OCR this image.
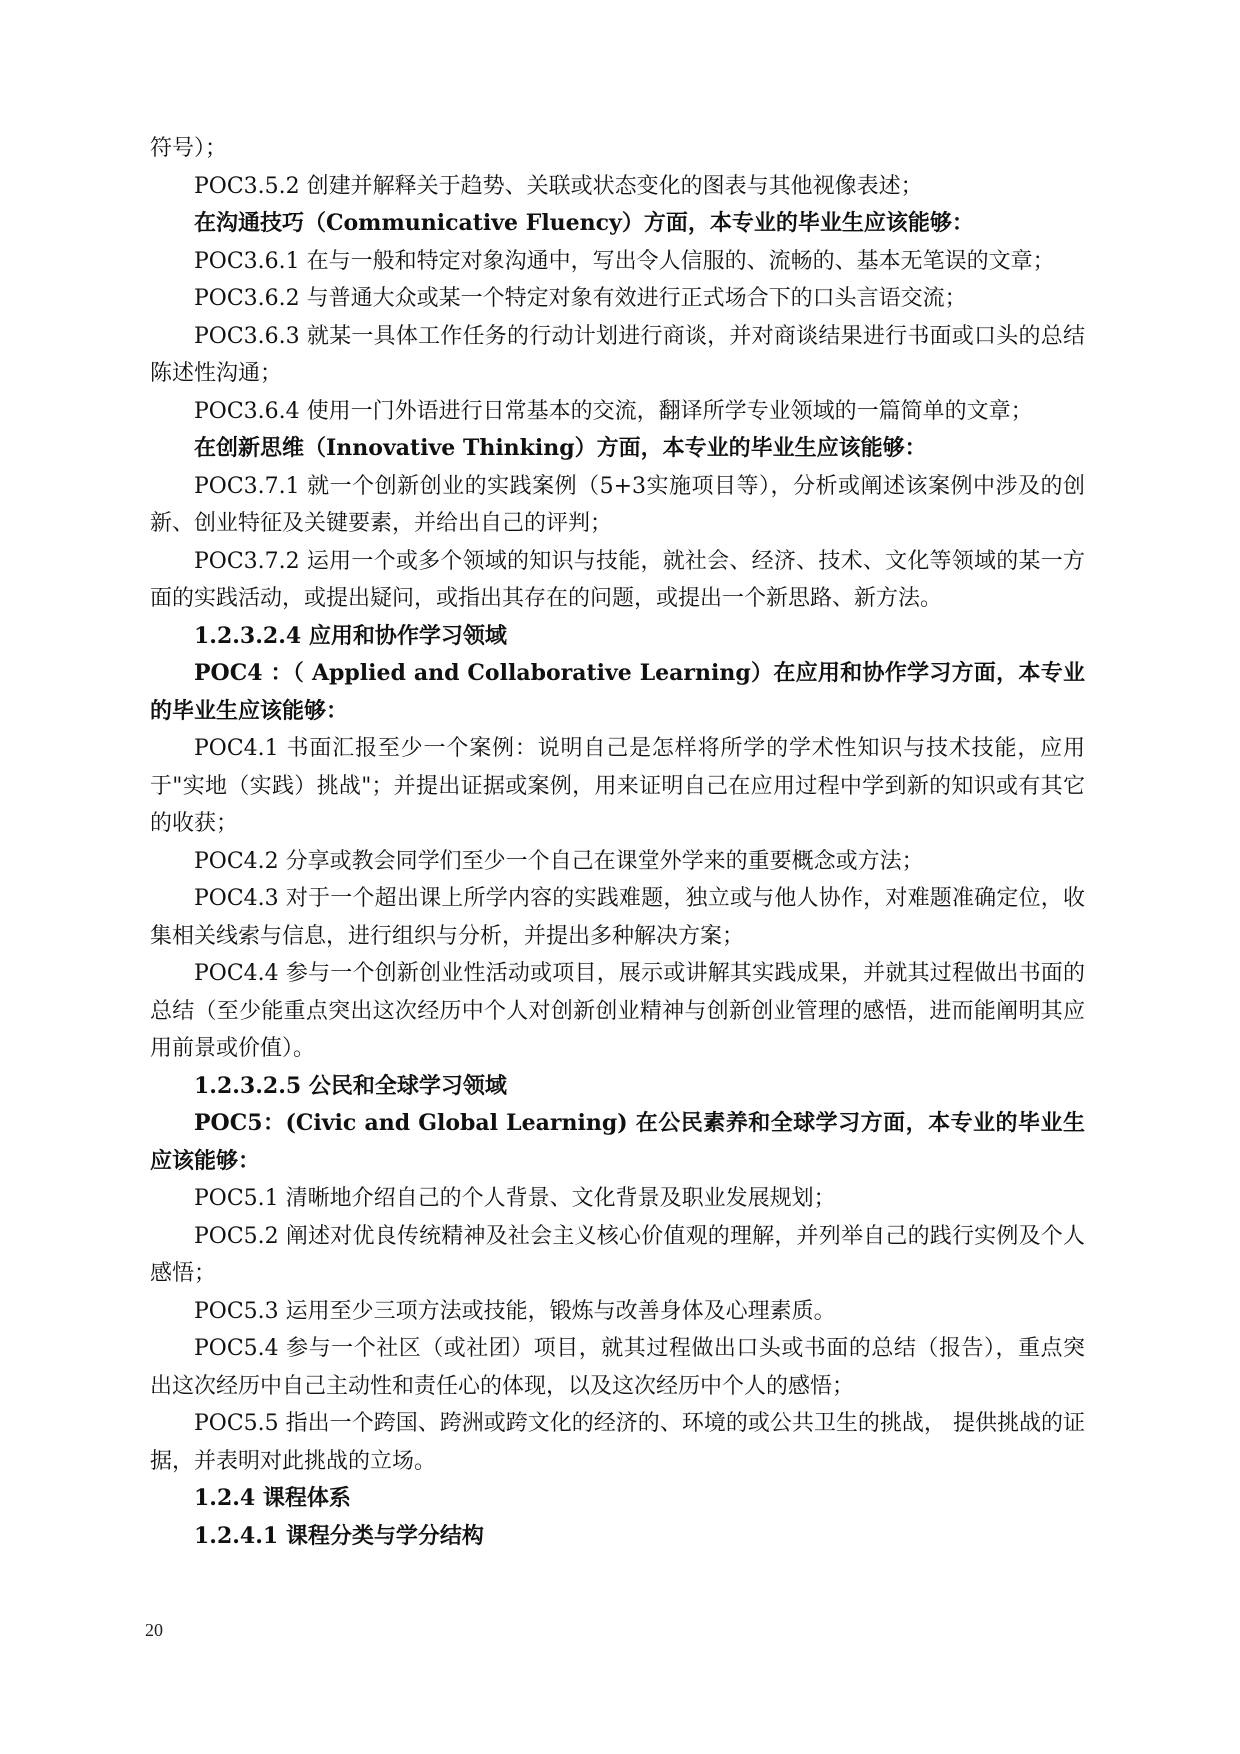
符号）；

POC3.5.2 创建并解释关于趋势、关联或状态变化的图表与其他视像表述；

在沟通技巧（Communicative Fluency）方面，本专业的毕业生应该能够：

POC3.6.1 在与一般和特定对象沟通中，写出令人信服的、流畅的、基本无笔误的文章；

POC3.6.2 与普通大众或某一个特定对象有效进行正式场合下的口头言语交流；

POC3.6.3 就某一具体工作任务的行动计划进行商谈，并对商谈结果进行书面或口头的总结陈述性沟通；

POC3.6.4 使用一门外语进行日常基本的交流，翻译所学专业领域的一篇简单的文章；

在创新思维（Innovative Thinking）方面，本专业的毕业生应该能够：

POC3.7.1 就一个创新创业的实践案例（5+3实施项目等），分析或阐述该案例中涉及的创新、创业特征及关键要素，并给出自己的评判；

POC3.7.2 运用一个或多个领域的知识与技能，就社会、经济、技术、文化等领域的某一方面的实践活动，或提出疑问，或指出其存在的问题，或提出一个新思路、新方法。

1.2.3.2.4 应用和协作学习领域

POC4 ：（ Applied and Collaborative Learning）在应用和协作学习方面，本专业的毕业生应该能够：

POC4.1 书面汇报至少一个案例：说明自己是怎样将所学的学术性知识与技术技能，应用于"实地（实践）挑战"；并提出证据或案例，用来证明自己在应用过程中学到新的知识或有其它的收获；

POC4.2 分享或教会同学们至少一个自己在课堂外学来的重要概念或方法；

POC4.3 对于一个超出课上所学内容的实践难题，独立或与他人协作，对难题准确定位，收集相关线索与信息，进行组织与分析，并提出多种解决方案；

POC4.4 参与一个创新创业性活动或项目，展示或讲解其实践成果，并就其过程做出书面的总结（至少能重点突出这次经历中个人对创新创业精神与创新创业管理的感悟，进而能阐明其应用前景或价值）。

1.2.3.2.5 公民和全球学习领域

POC5：(Civic and Global Learning) 在公民素养和全球学习方面，本专业的毕业生应该能够：

POC5.1 清晰地介绍自己的个人背景、文化背景及职业发展规划；

POC5.2 阐述对优良传统精神及社会主义核心价值观的理解，并列举自己的践行实例及个人感悟；

POC5.3 运用至少三项方法或技能，锻炼与改善身体及心理素质。

POC5.4 参与一个社区（或社团）项目，就其过程做出口头或书面的总结（报告），重点突出这次经历中自己主动性和责任心的体现，以及这次经历中个人的感悟；

POC5.5 指出一个跨国、跨洲或跨文化的经济的、环境的或公共卫生的挑战， 提供挑战的证据，并表明对此挑战的立场。

1.2.4 课程体系

1.2.4.1 课程分类与学分结构

20
